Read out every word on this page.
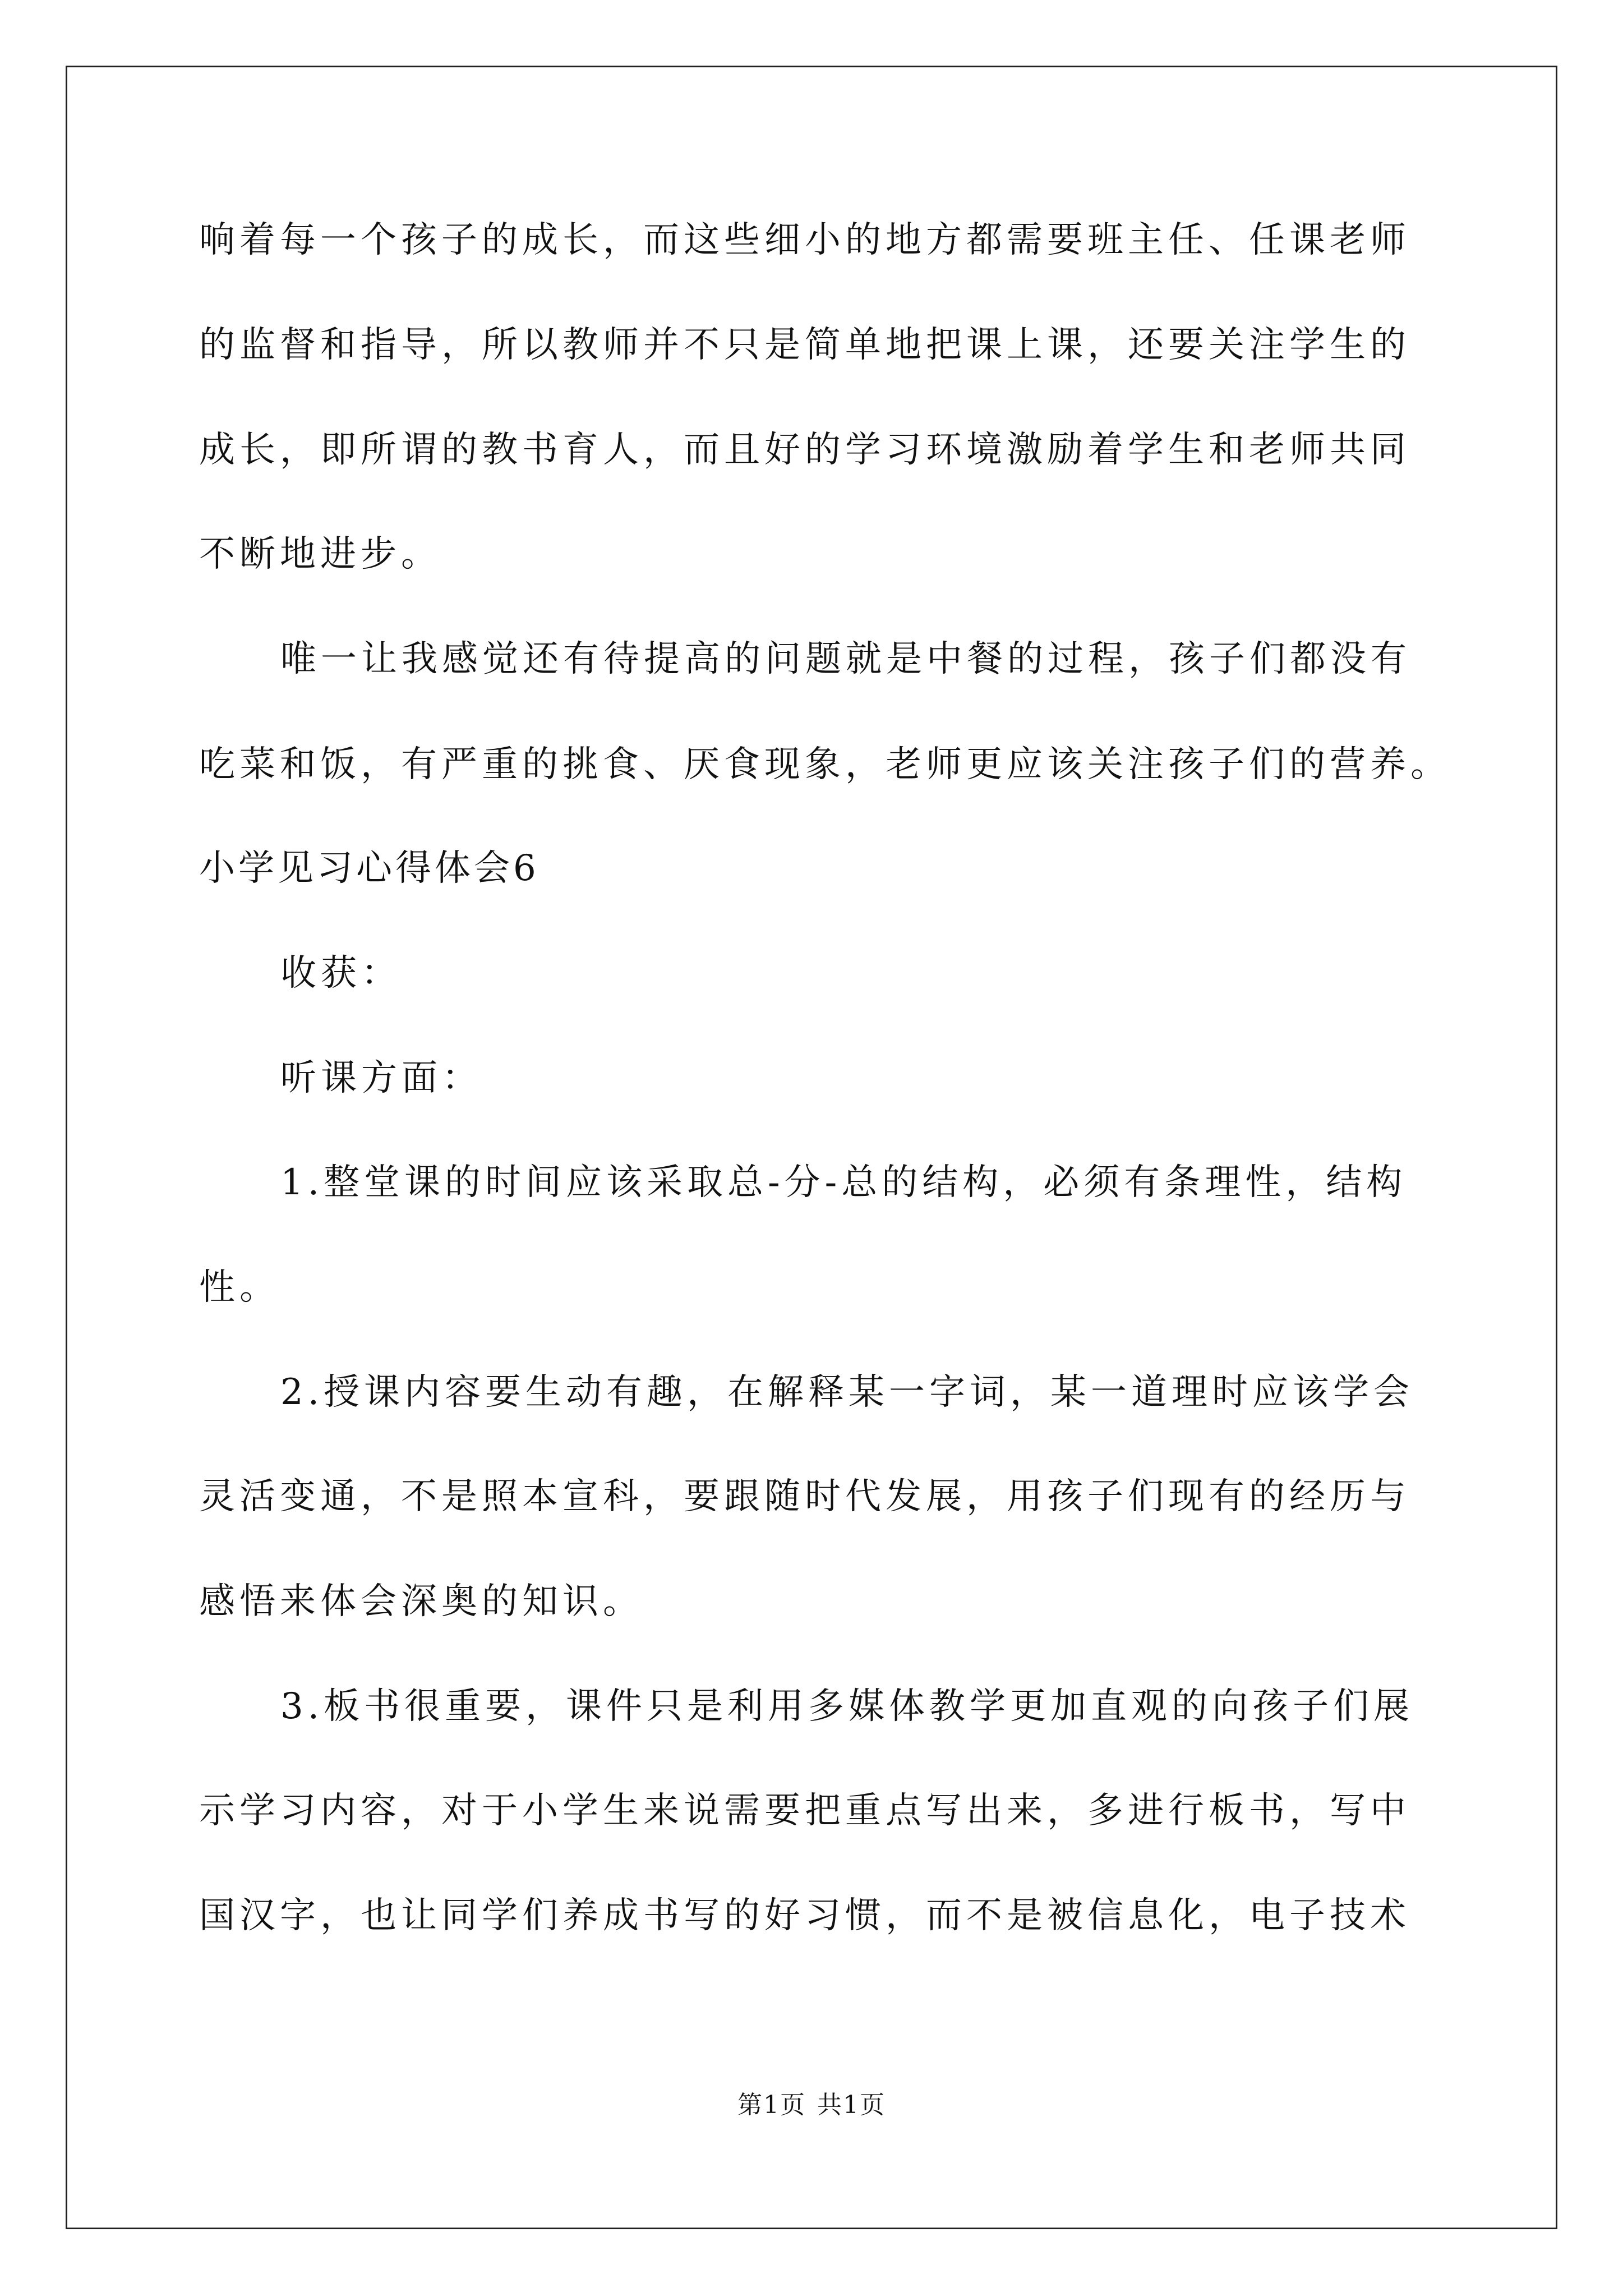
响着每一个孩子的成长，而这些细小的地方都需要班主任、任课老师
的监督和指导，所以教师并不只是简单地把课上课，还要关注学生的
成长，即所谓的教书育人，而且好的学习环境激励着学生和老师共同
不断地进步。
唯一让我感觉还有待提高的问题就是中餐的过程，孩子们都没有
吃菜和饭，有严重的挑食、厌食现象，老师更应该关注孩子们的营养。
小学见习心得体会6
收获：
听课方面：
1.整堂课的时间应该采取总-分-总的结构，必须有条理性，结构
性。
2.授课内容要生动有趣，在解释某一字词，某一道理时应该学会
灵活变通，不是照本宣科，要跟随时代发展，用孩子们现有的经历与
感悟来体会深奥的知识。
3.板书很重要，课件只是利用多媒体教学更加直观的向孩子们展
示学习内容，对于小学生来说需要把重点写出来，多进行板书，写中
国汉字，也让同学们养成书写的好习惯，而不是被信息化，电子技术
第1页 共1页
